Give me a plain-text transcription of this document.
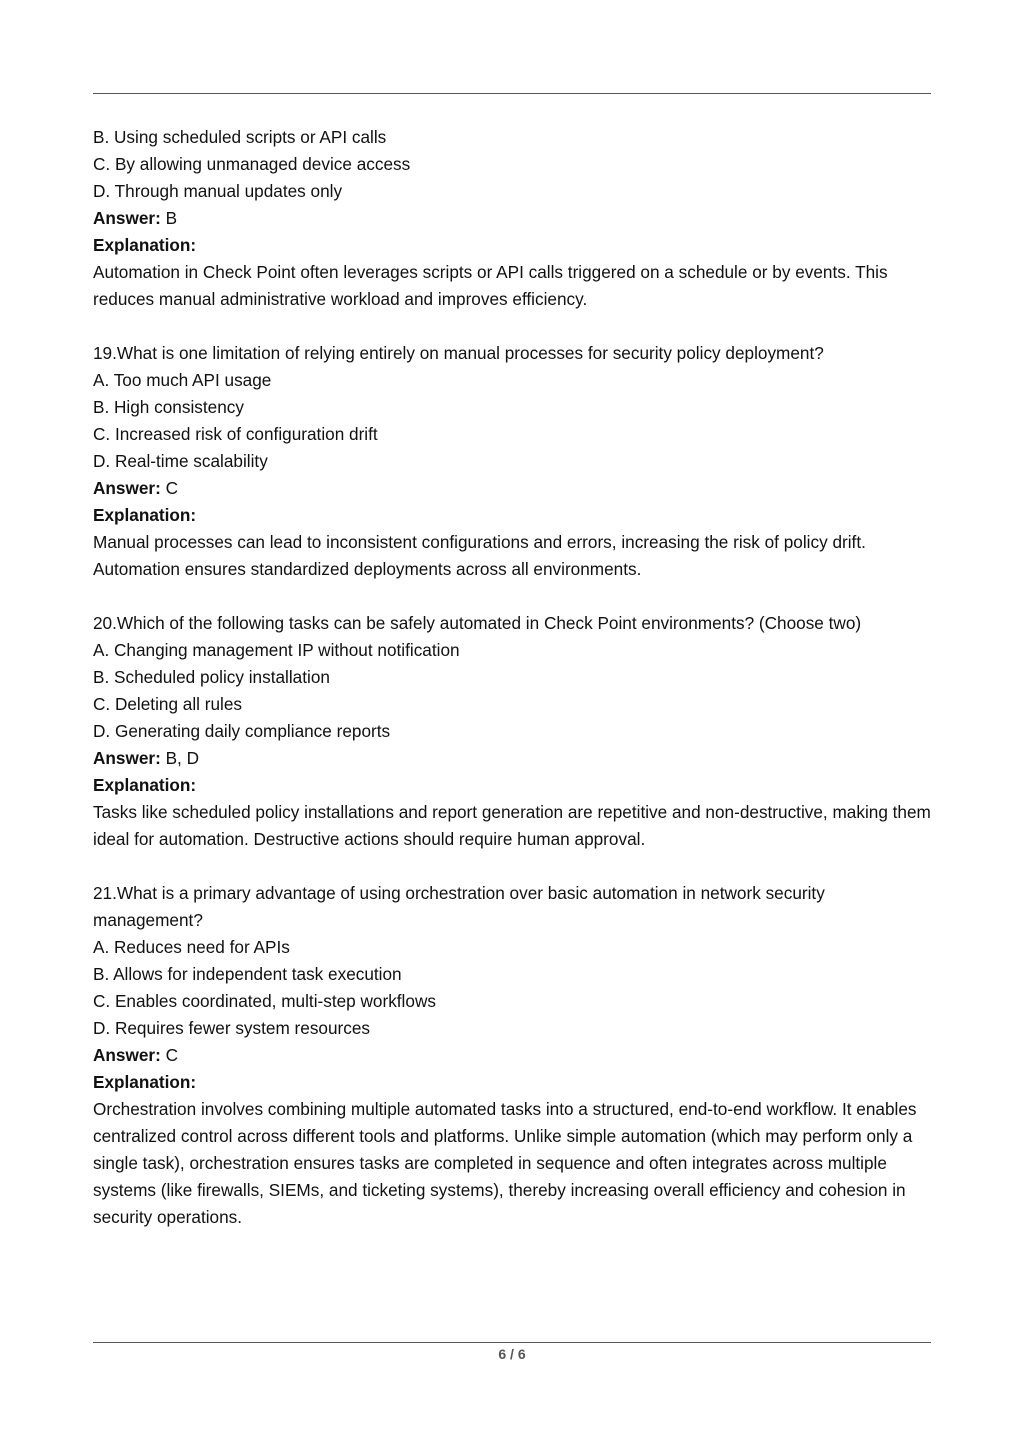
B. Using scheduled scripts or API calls

C. By allowing unmanaged device access

D. Through manual updates only

Answer: B

Explanation:

Automation in Check Point often leverages scripts or API calls triggered on a schedule or by events. This reduces manual administrative workload and improves efficiency.

19.What is one limitation of relying entirely on manual processes for security policy deployment?

A. Too much API usage

B. High consistency

C. Increased risk of configuration drift

D. Real-time scalability

Answer: C

Explanation:

Manual processes can lead to inconsistent configurations and errors, increasing the risk of policy drift. Automation ensures standardized deployments across all environments.

20.Which of the following tasks can be safely automated in Check Point environments? (Choose two)

A. Changing management IP without notification

B. Scheduled policy installation

C. Deleting all rules

D. Generating daily compliance reports

Answer: B, D

Explanation:

Tasks like scheduled policy installations and report generation are repetitive and non-destructive, making them ideal for automation. Destructive actions should require human approval.

21.What is a primary advantage of using orchestration over basic automation in network security management?

A. Reduces need for APIs

B. Allows for independent task execution

C. Enables coordinated, multi-step workflows

D. Requires fewer system resources

Answer: C

Explanation:

Orchestration involves combining multiple automated tasks into a structured, end-to-end workflow. It enables centralized control across different tools and platforms. Unlike simple automation (which may perform only a single task), orchestration ensures tasks are completed in sequence and often integrates across multiple systems (like firewalls, SIEMs, and ticketing systems), thereby increasing overall efficiency and cohesion in security operations.

6 / 6
